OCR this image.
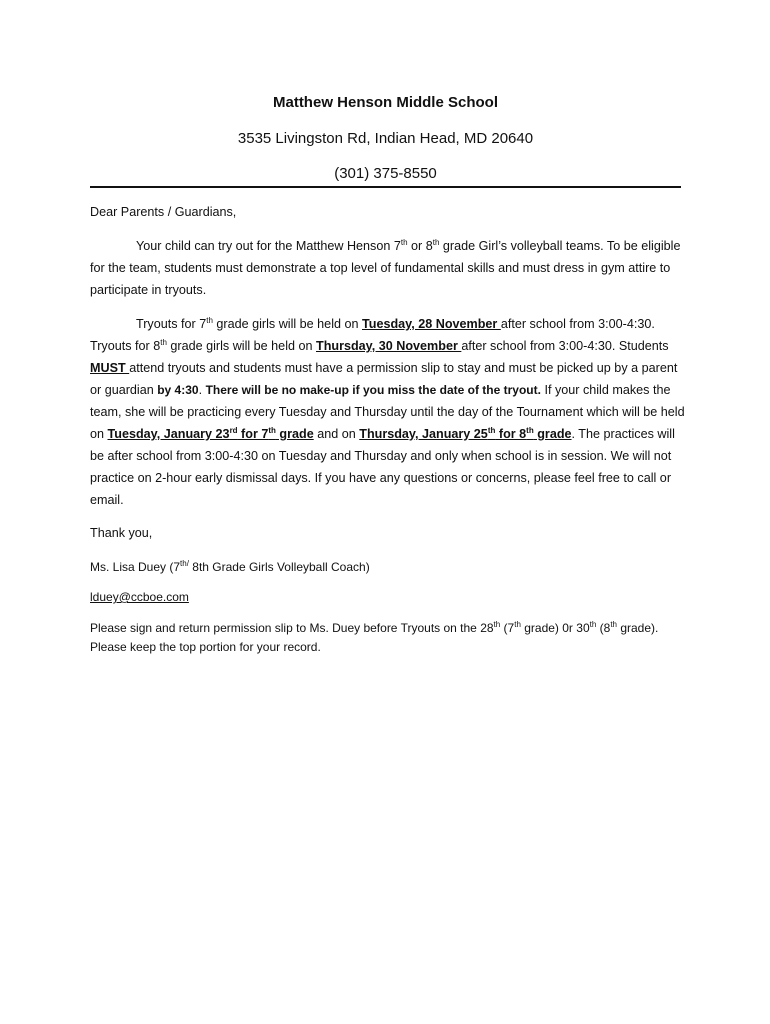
Matthew Henson Middle School
3535 Livingston Rd, Indian Head, MD 20640
(301) 375-8550
Dear Parents / Guardians,
Your child can try out for the Matthew Henson 7th or 8th grade Girl’s volleyball teams. To be eligible for the team, students must demonstrate a top level of fundamental skills and must dress in gym attire to participate in tryouts.
Tryouts for 7th grade girls will be held on Tuesday, 28 November after school from 3:00-4:30. Tryouts for 8th grade girls will be held on Thursday, 30 November after school from 3:00-4:30. Students MUST attend tryouts and students must have a permission slip to stay and must be picked up by a parent or guardian by 4:30. There will be no make-up if you miss the date of the tryout. If your child makes the team, she will be practicing every Tuesday and Thursday until the day of the Tournament which will be held on Tuesday, January 23rd for 7th grade and on Thursday, January 25th for 8th grade. The practices will be after school from 3:00-4:30 on Tuesday and Thursday and only when school is in session. We will not practice on 2-hour early dismissal days. If you have any questions or concerns, please feel free to call or email.
Thank you,
Ms. Lisa Duey ($7^{th/}$ 8th Grade Girls Volleyball Coach)
lduey@ccboe.com
Please sign and return permission slip to Ms. Duey before Tryouts on the 28th (7th grade) 0r 30th (8th grade). Please keep the top portion for your record.
